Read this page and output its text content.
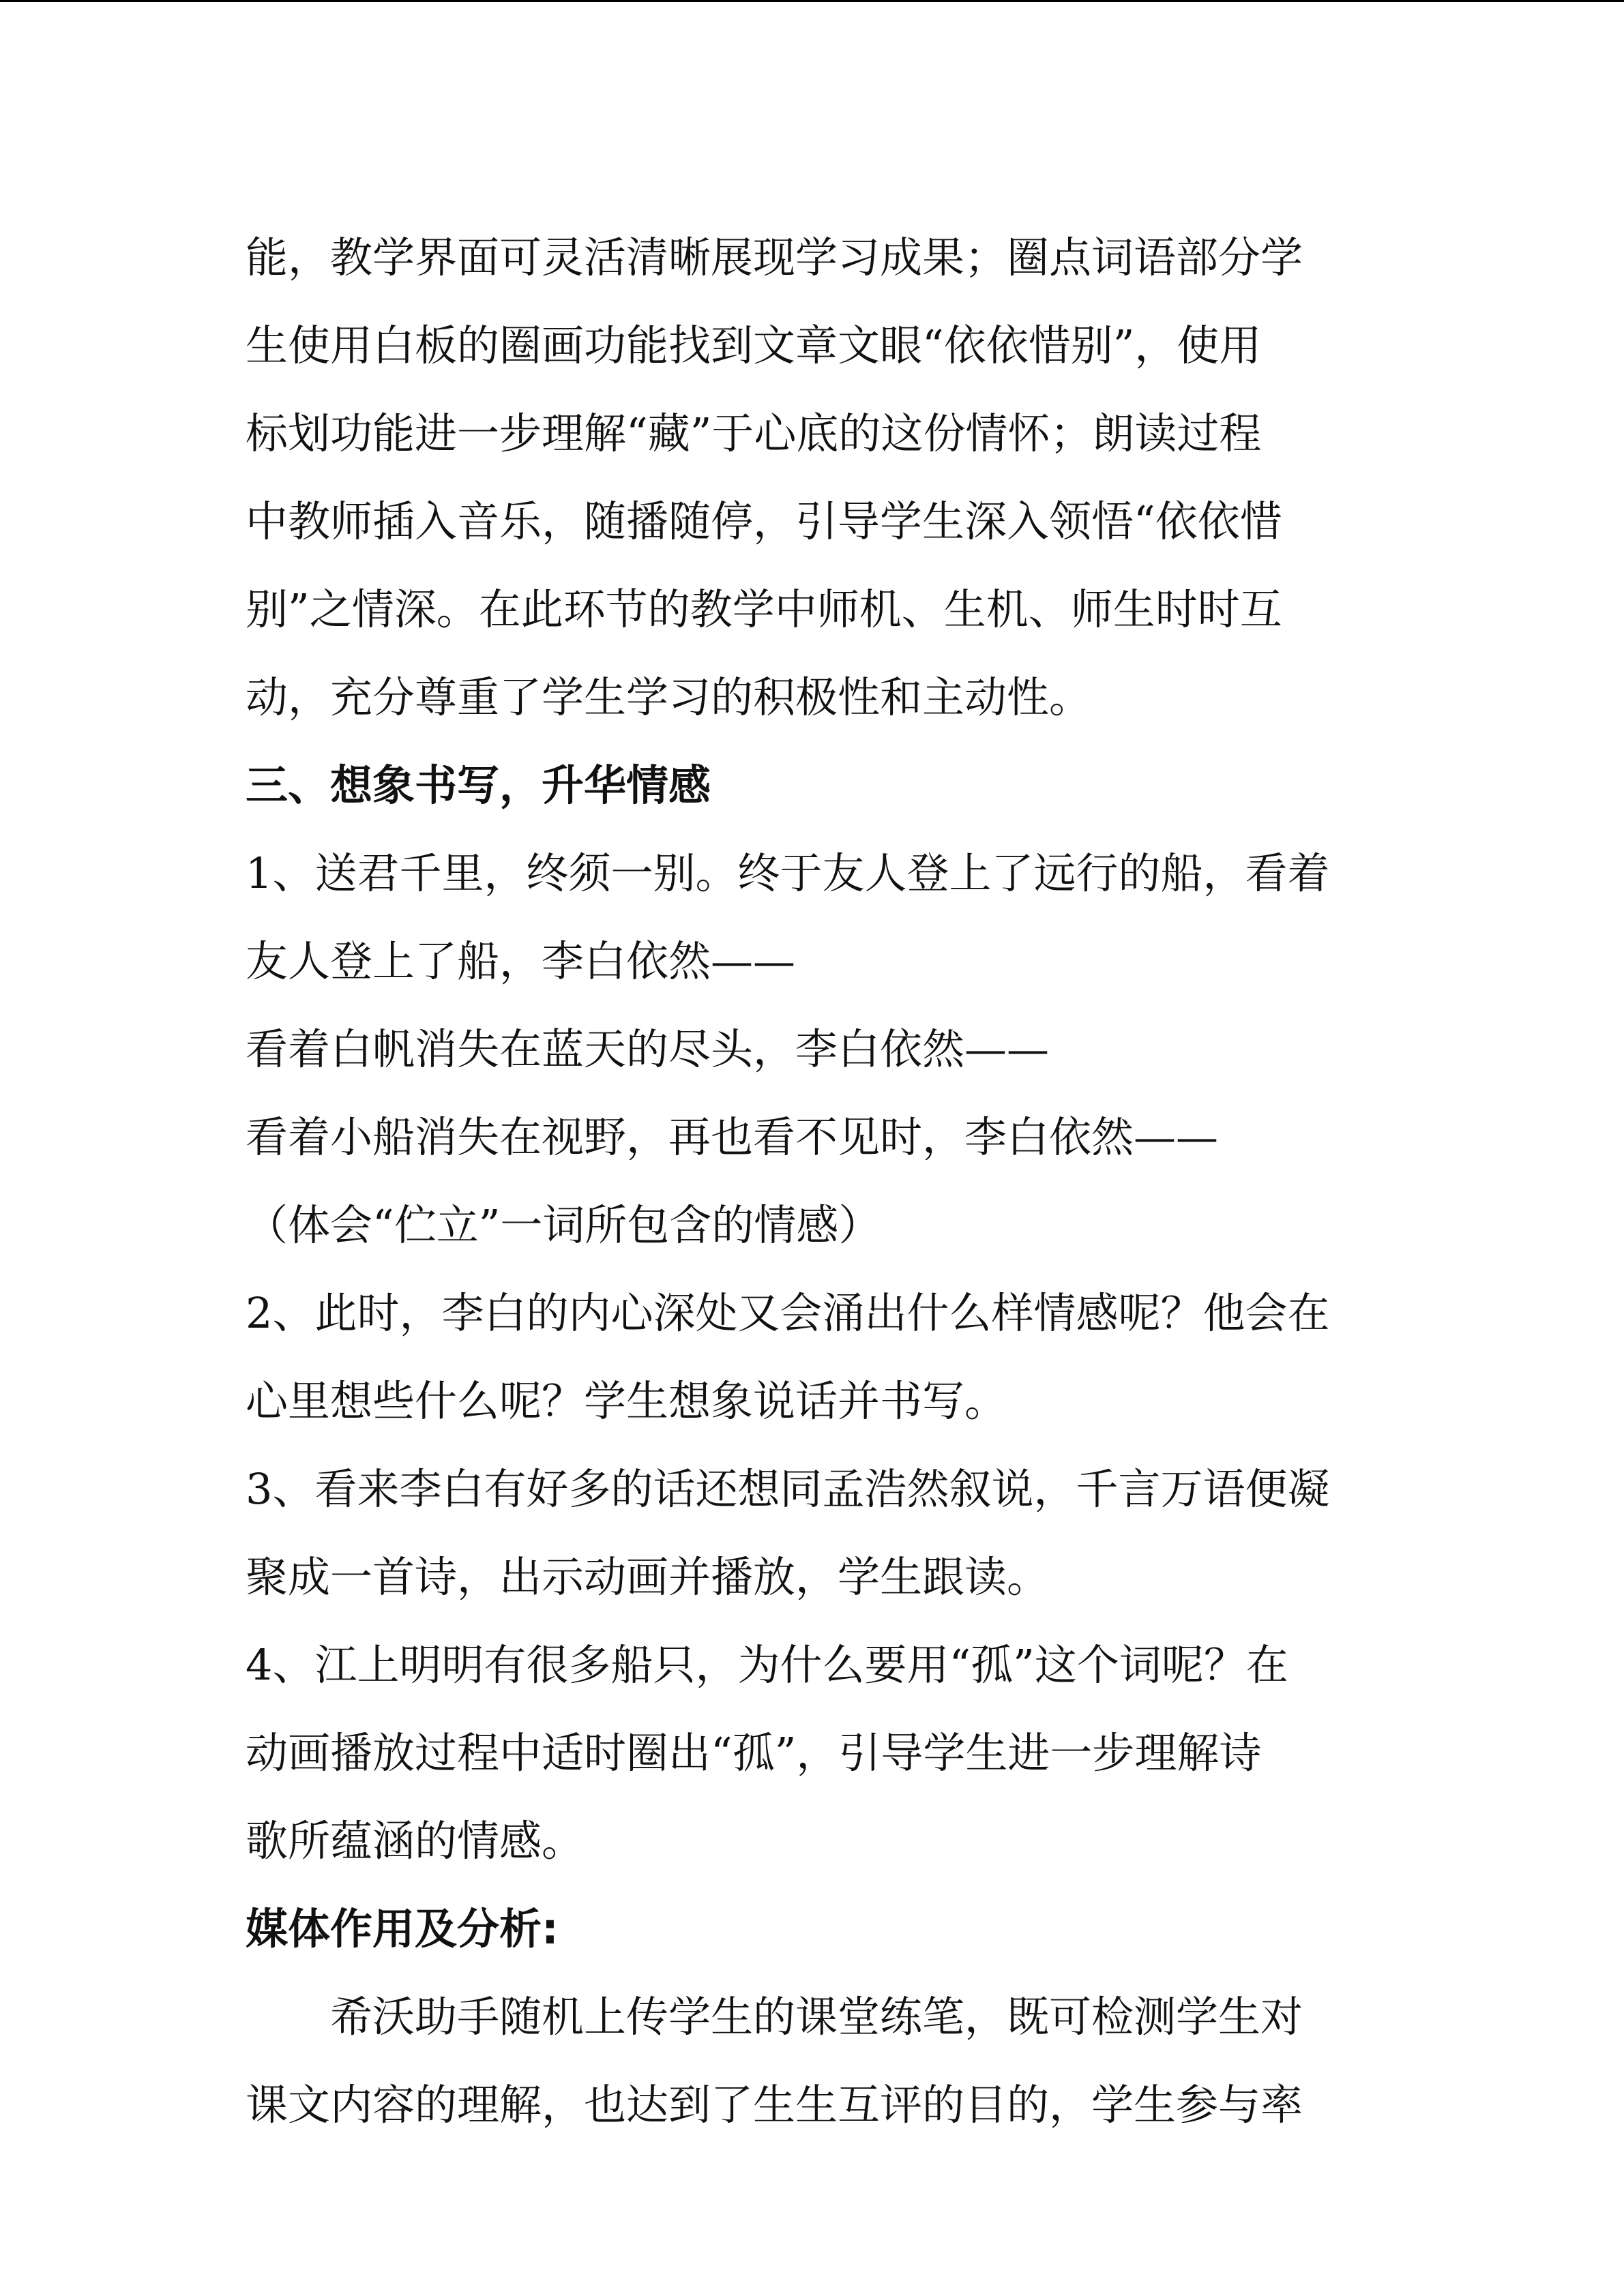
能，教学界面可灵活清晰展现学习成果；圈点词语部分学
生使用白板的圈画功能找到文章文眼“依依惜别”，使用
标划功能进一步理解“藏”于心底的这份情怀；朗读过程
中教师插入音乐，随播随停，引导学生深入领悟“依依惜
别”之情深。在此环节的教学中师机、生机、师生时时互
动，充分尊重了学生学习的积极性和主动性。
三、想象书写，升华情感
1、送君千里，终须一别。终于友人登上了远行的船，看着
友人登上了船，李白依然——
看着白帆消失在蓝天的尽头，李白依然——
看着小船消失在视野，再也看不见时，李白依然——
（体会“伫立”一词所包含的情感）
2、此时，李白的内心深处又会涌出什么样情感呢？他会在
心里想些什么呢？学生想象说话并书写。
3、看来李白有好多的话还想同孟浩然叙说，千言万语便凝
聚成一首诗，出示动画并播放，学生跟读。
4、江上明明有很多船只，为什么要用“孤”这个词呢？在
动画播放过程中适时圈出“孤”，引导学生进一步理解诗
歌所蕴涵的情感。
媒体作用及分析:
希沃助手随机上传学生的课堂练笔，既可检测学生对
课文内容的理解，也达到了生生互评的目的，学生参与率
